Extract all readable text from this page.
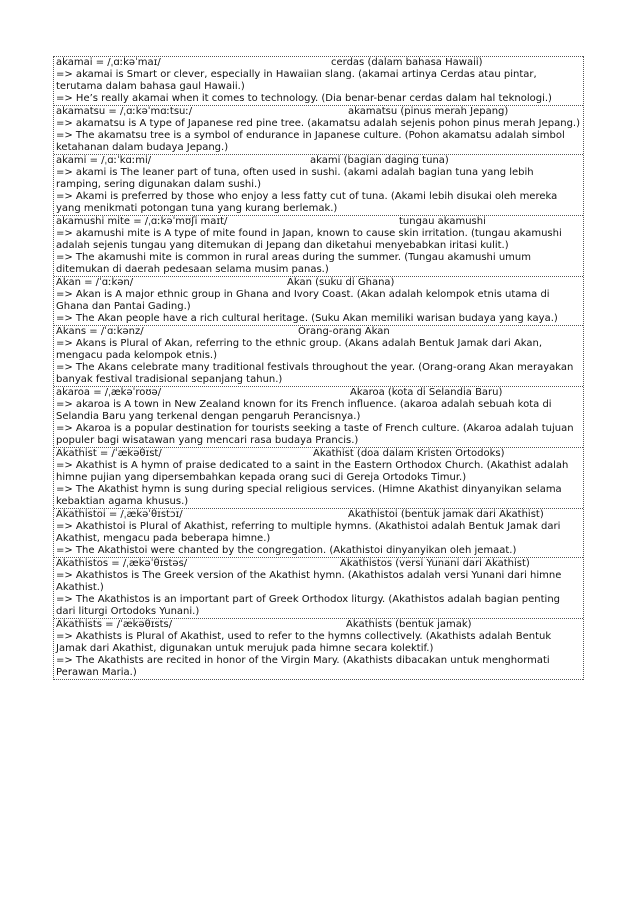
akamai = /ˌɑːkəˈmaɪ/	cerdas (dalam bahasa Hawaii)
=> akamai is Smart or clever, especially in Hawaiian slang. (akamai artinya Cerdas atau pintar, terutama dalam bahasa gaul Hawaii.)
=> He’s really akamai when it comes to technology. (Dia benar-benar cerdas dalam hal teknologi.)
akamatsu = /ˌɑːkəˈmɑːtsuː/	akamatsu (pinus merah Jepang)
=> akamatsu is A type of Japanese red pine tree. (akamatsu adalah sejenis pohon pinus merah Jepang.)
=> The akamatsu tree is a symbol of endurance in Japanese culture. (Pohon akamatsu adalah simbol ketahanan dalam budaya Jepang.)
akami = /ˌɑːˈkɑːmi/	akami (bagian daging tuna)
=> akami is The leaner part of tuna, often used in sushi. (akami adalah bagian tuna yang lebih ramping, sering digunakan dalam sushi.)
=> Akami is preferred by those who enjoy a less fatty cut of tuna. (Akami lebih disukai oleh mereka yang menikmati potongan tuna yang kurang berlemak.)
akamushi mite = /ˌɑːkəˈmʊʃi maɪt/	tungau akamushi
=> akamushi mite is A type of mite found in Japan, known to cause skin irritation. (tungau akamushi adalah sejenis tungau yang ditemukan di Jepang dan diketahui menyebabkan iritasi kulit.)
=> The akamushi mite is common in rural areas during the summer. (Tungau akamushi umum ditemukan di daerah pedesaan selama musim panas.)
Akan = /ˈɑːkən/	Akan (suku di Ghana)
=> Akan is A major ethnic group in Ghana and Ivory Coast. (Akan adalah kelompok etnis utama di Ghana dan Pantai Gading.)
=> The Akan people have a rich cultural heritage. (Suku Akan memiliki warisan budaya yang kaya.)
Akans = /ˈɑːkənz/	Orang-orang Akan
=> Akans is Plural of Akan, referring to the ethnic group. (Akans adalah Bentuk Jamak dari Akan, mengacu pada kelompok etnis.)
=> The Akans celebrate many traditional festivals throughout the year. (Orang-orang Akan merayakan banyak festival tradisional sepanjang tahun.)
akaroa = /ˌækəˈroʊə/	Akaroa (kota di Selandia Baru)
=> akaroa is A town in New Zealand known for its French influence. (akaroa adalah sebuah kota di Selandia Baru yang terkenal dengan pengaruh Perancisnya.)
=> Akaroa is a popular destination for tourists seeking a taste of French culture. (Akaroa adalah tujuan populer bagi wisatawan yang mencari rasa budaya Prancis.)
Akathist = /ˈækəθɪst/	Akathist (doa dalam Kristen Ortodoks)
=> Akathist is A hymn of praise dedicated to a saint in the Eastern Orthodox Church. (Akathist adalah himne pujian yang dipersembahkan kepada orang suci di Gereja Ortodoks Timur.)
=> The Akathist hymn is sung during special religious services. (Himne Akathist dinyanyikan selama kebaktian agama khusus.)
Akathistoi = /ˌækəˈθɪstɔɪ/	Akathistoi (bentuk jamak dari Akathist)
=> Akathistoi is Plural of Akathist, referring to multiple hymns. (Akathistoi adalah Bentuk Jamak dari Akathist, mengacu pada beberapa himne.)
=> The Akathistoi were chanted by the congregation. (Akathistoi dinyanyikan oleh jemaat.)
Akathistos = /ˌækəˈθɪstəs/	Akathistos (versi Yunani dari Akathist)
=> Akathistos is The Greek version of the Akathist hymn. (Akathistos adalah versi Yunani dari himne Akathist.)
=> The Akathistos is an important part of Greek Orthodox liturgy. (Akathistos adalah bagian penting dari liturgi Ortodoks Yunani.)
Akathists = /ˈækəθɪsts/	Akathists (bentuk jamak)
=> Akathists is Plural of Akathist, used to refer to the hymns collectively. (Akathists adalah Bentuk Jamak dari Akathist, digunakan untuk merujuk pada himne secara kolektif.)
=> The Akathists are recited in honor of the Virgin Mary. (Akathists dibacakan untuk menghormati Perawan Maria.)
